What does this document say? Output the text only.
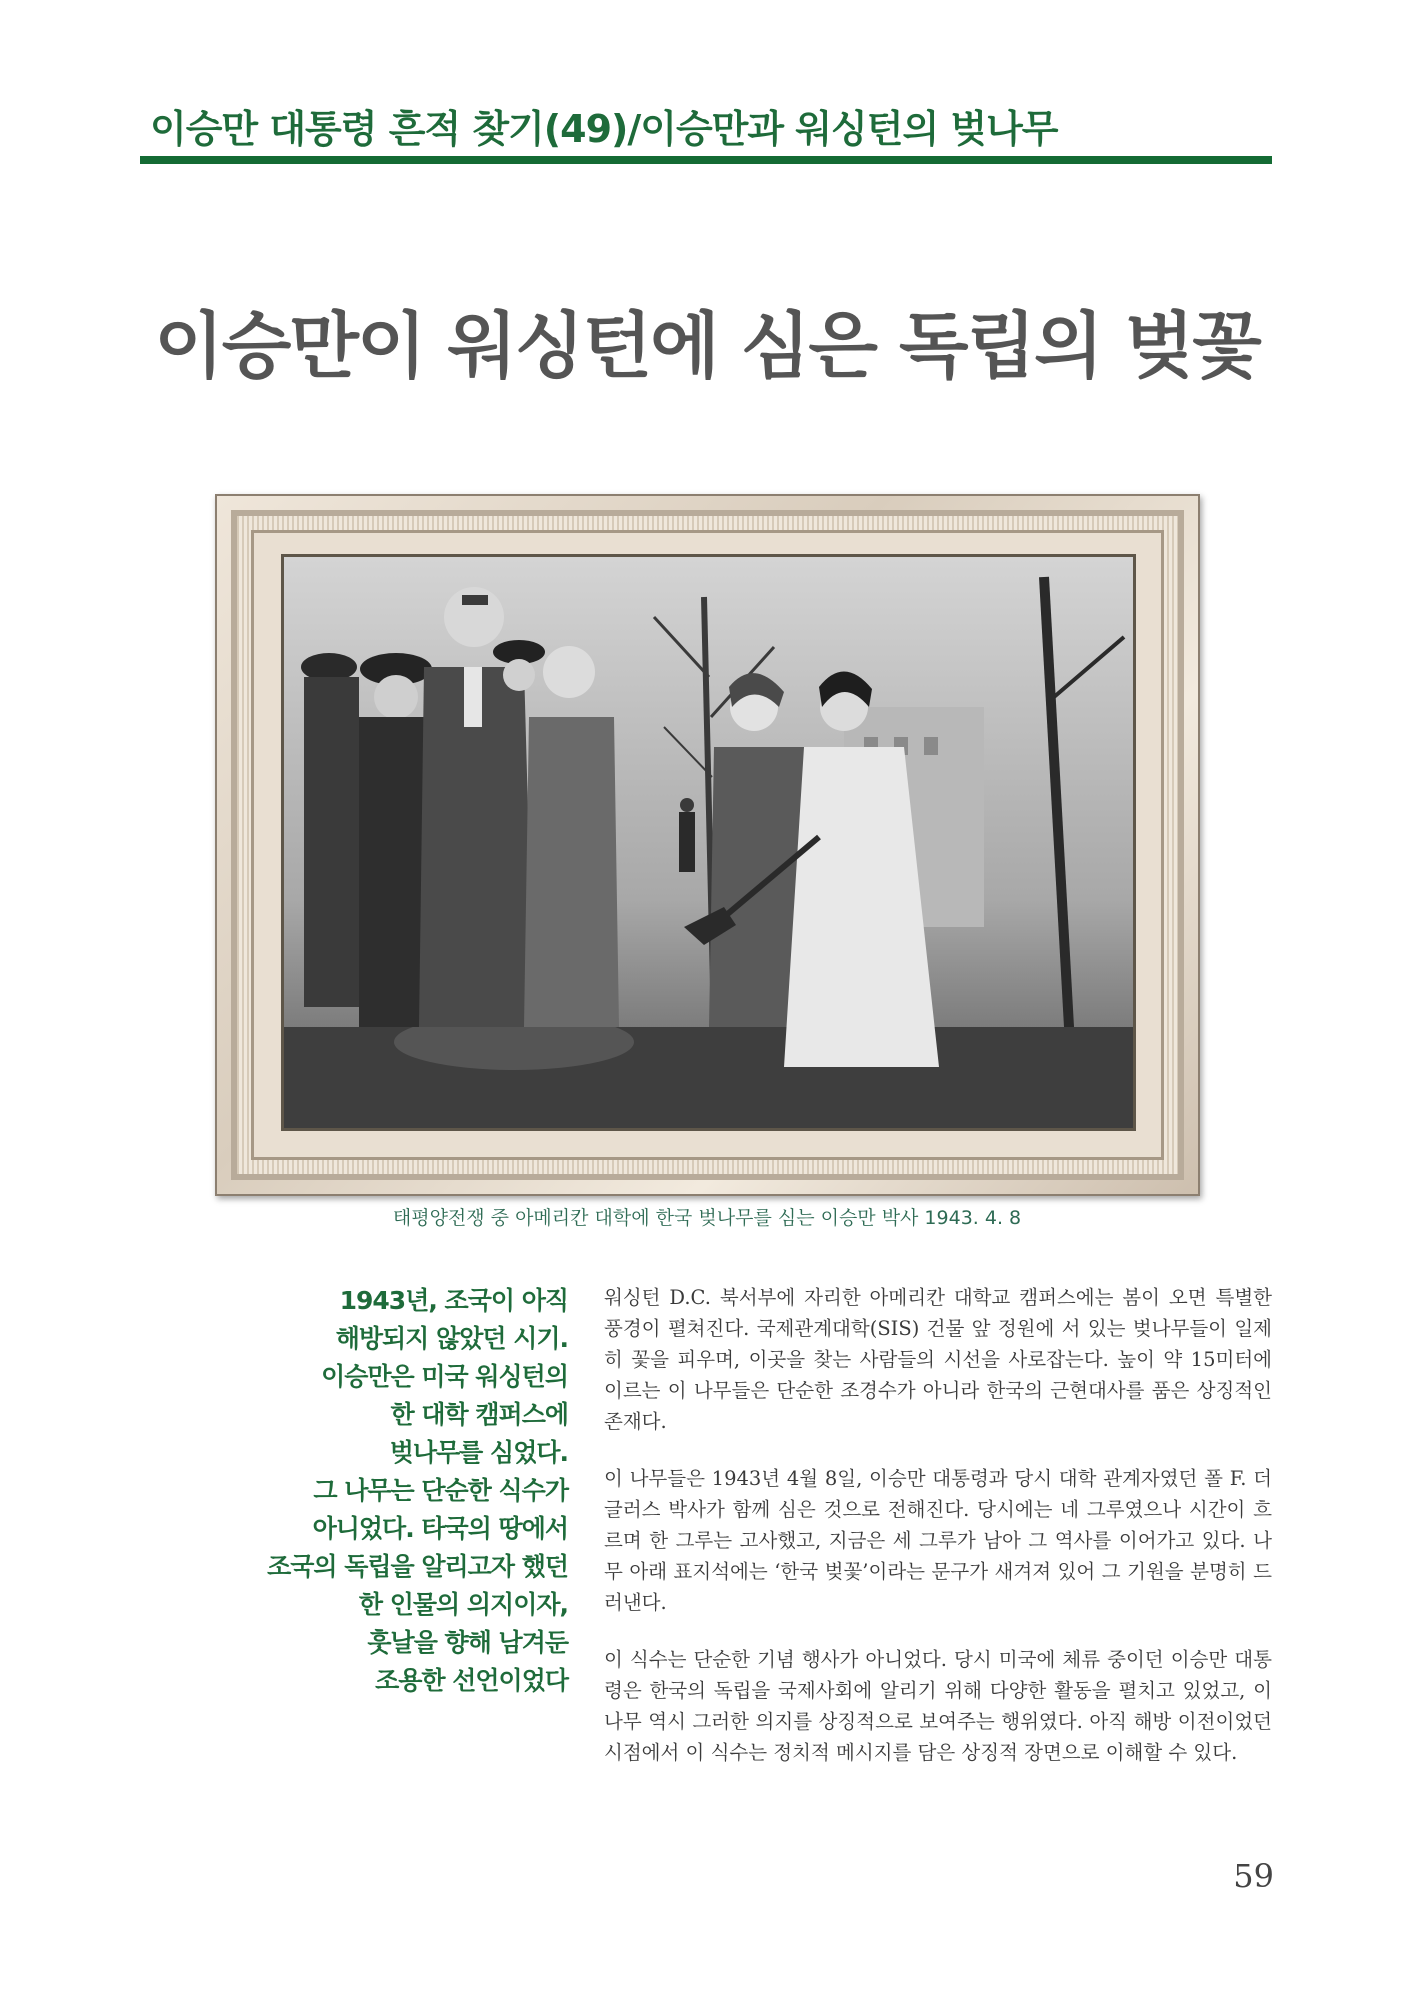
이승만 대통령 흔적 찾기(49)/이승만과 워싱턴의 벚나무
이승만이 워싱턴에 심은 독립의 벚꽃

태평양전쟁 중 아메리칸 대학에 한국 벚나무를 심는 이승만 박사 1943. 4. 8

1943년, 조국이 아직
해방되지 않았던 시기.
이승만은 미국 워싱턴의
한 대학 캠퍼스에
벚나무를 심었다.
그 나무는 단순한 식수가
아니었다. 타국의 땅에서
조국의 독립을 알리고자 했던
한 인물의 의지이자,
훗날을 향해 남겨둔
조용한 선언이었다

워싱턴 D.C. 북서부에 자리한 아메리칸 대학교 캠퍼스에는 봄이 오면 특별한 풍경이 펼쳐진다. 국제관계대학(SIS) 건물 앞 정원에 서 있는 벚나무들이 일제히 꽃을 피우며, 이곳을 찾는 사람들의 시선을 사로잡는다. 높이 약 15미터에 이르는 이 나무들은 단순한 조경수가 아니라 한국의 근현대사를 품은 상징적인 존재다.

이 나무들은 1943년 4월 8일, 이승만 대통령과 당시 대학 관계자였던 폴 F. 더글러스 박사가 함께 심은 것으로 전해진다. 당시에는 네 그루였으나 시간이 흐르며 한 그루는 고사했고, 지금은 세 그루가 남아 그 역사를 이어가고 있다. 나무 아래 표지석에는 ‘한국 벚꽃’이라는 문구가 새겨져 있어 그 기원을 분명히 드러낸다.

이 식수는 단순한 기념 행사가 아니었다. 당시 미국에 체류 중이던 이승만 대통령은 한국의 독립을 국제사회에 알리기 위해 다양한 활동을 펼치고 있었고, 이 나무 역시 그러한 의지를 상징적으로 보여주는 행위였다. 아직 해방 이전이었던 시점에서 이 식수는 정치적 메시지를 담은 상징적 장면으로 이해할 수 있다.

59
